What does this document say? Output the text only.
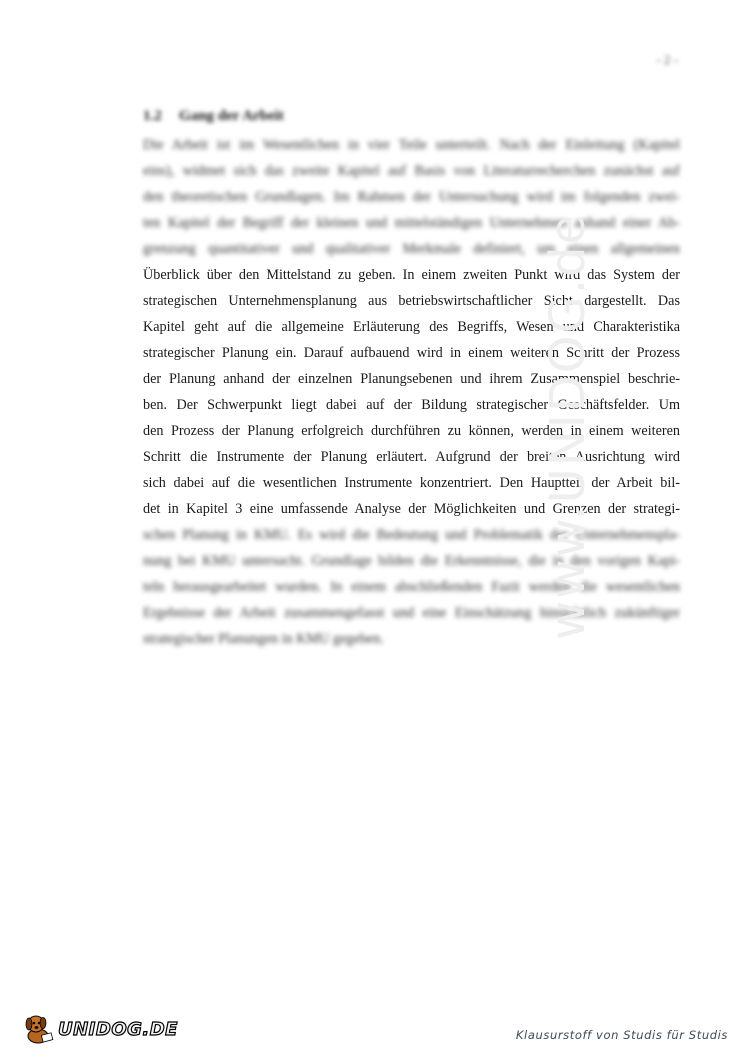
- 2 -
1.2 Gang der Arbeit
Die Arbeit ist im Wesentlichen in vier Teile unterteilt. Nach der Einleitung (Kapitel
eins), widmet sich das zweite Kapitel auf Basis von Literaturrecherchen zunächst auf
den theoretischen Grundlagen. Im Rahmen der Untersuchung wird im folgenden zwei-
ten Kapitel der Begriff der kleinen und mittelständigen Unternehmen anhand einer Ab-
grenzung quantitativer und qualitativer Merkmale definiert, um einen allgemeinen
Überblick über den Mittelstand zu geben. In einem zweiten Punkt wird das System der
strategischen Unternehmensplanung aus betriebswirtschaftlicher Sicht dargestellt. Das
Kapitel geht auf die allgemeine Erläuterung des Begriffs, Wesen und Charakteristika
strategischer Planung ein. Darauf aufbauend wird in einem weiteren Schritt der Prozess
der Planung anhand der einzelnen Planungsebenen und ihrem Zusammenspiel beschrie-
ben. Der Schwerpunkt liegt dabei auf der Bildung strategischer Geschäftsfelder. Um
den Prozess der Planung erfolgreich durchführen zu können, werden in einem weiteren
Schritt die Instrumente der Planung erläutert. Aufgrund der breiten Ausrichtung wird
sich dabei auf die wesentlichen Instrumente konzentriert. Den Hauptteil der Arbeit bil-
det in Kapitel 3 eine umfassende Analyse der Möglichkeiten und Grenzen der strategi-
schen Planung in KMU. Es wird die Bedeutung und Problematik der Unternehmenspla-
nung bei KMU untersucht. Grundlage bilden die Erkenntnisse, die in den vorigen Kapi-
teln herausgearbeitet wurden. In einem abschließenden Fazit werden die wesentlichen
Ergebnisse der Arbeit zusammengefasst und eine Einschätzung hinsichtlich zukünftiger
strategischer Planungen in KMU gegeben.	www.UNIDOG.de
UNIDOG.DE	Klausurstoff von Studis für Studis
